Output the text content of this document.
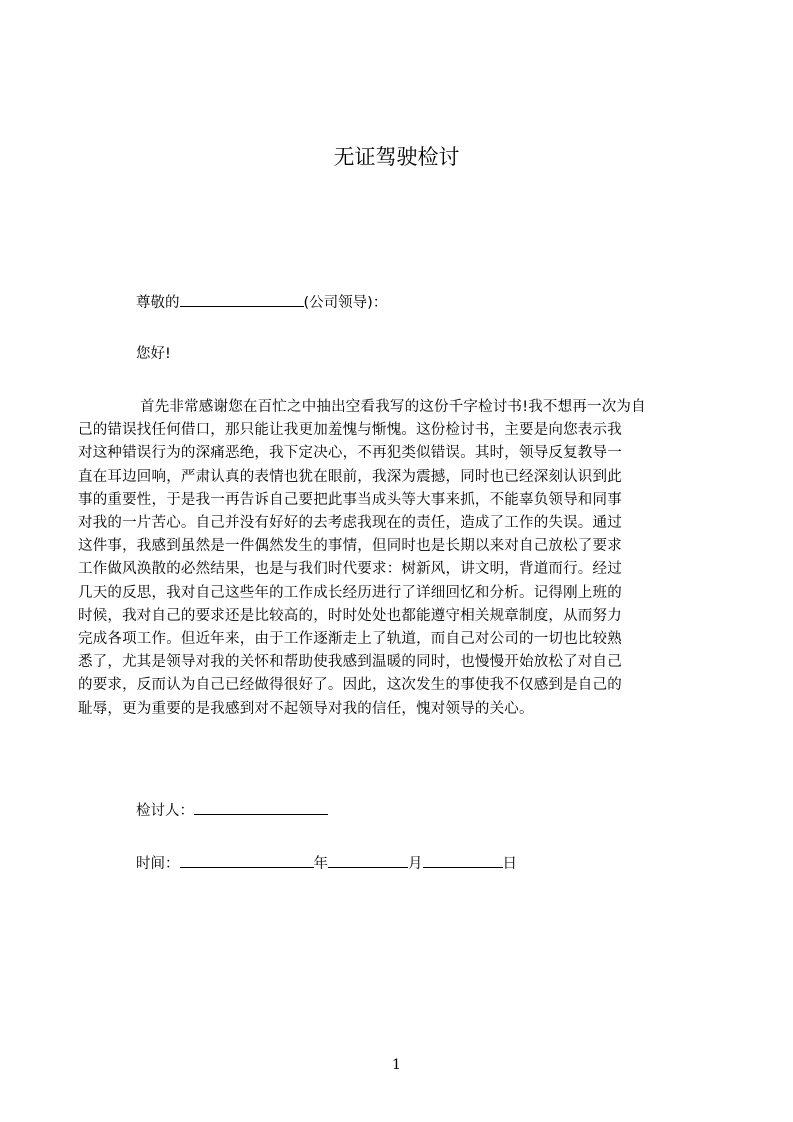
无证驾驶检讨
尊敬的	(公司领导)：
您好!
首先非常感谢您在百忙之中抽出空看我写的这份千字检讨书!我不想再一次为自
己的错误找任何借口，那只能让我更加羞愧与惭愧。这份检讨书，主要是向您表示我
对这种错误行为的深痛恶绝，我下定决心，不再犯类似错误。其时，领导反复教导一
直在耳边回响，严肃认真的表情也犹在眼前，我深为震撼，同时也已经深刻认识到此
事的重要性，于是我一再告诉自己要把此事当成头等大事来抓，不能辜负领导和同事
对我的一片苦心。自己并没有好好的去考虑我现在的责任，造成了工作的失误。通过
这件事，我感到虽然是一件偶然发生的事情，但同时也是长期以来对自己放松了要求
工作做风涣散的必然结果，也是与我们时代要求：树新风，讲文明，背道而行。经过
几天的反思，我对自己这些年的工作成长经历进行了详细回忆和分析。记得刚上班的
时候，我对自己的要求还是比较高的，时时处处也都能遵守相关规章制度，从而努力
完成各项工作。但近年来，由于工作逐渐走上了轨道，而自己对公司的一切也比较熟
悉了，尤其是领导对我的关怀和帮助使我感到温暖的同时，也慢慢开始放松了对自己
的要求，反而认为自己已经做得很好了。因此，这次发生的事使我不仅感到是自己的
耻辱，更为重要的是我感到对不起领导对我的信任，愧对领导的关心。
检讨人：
时间：	年	月	日
1
